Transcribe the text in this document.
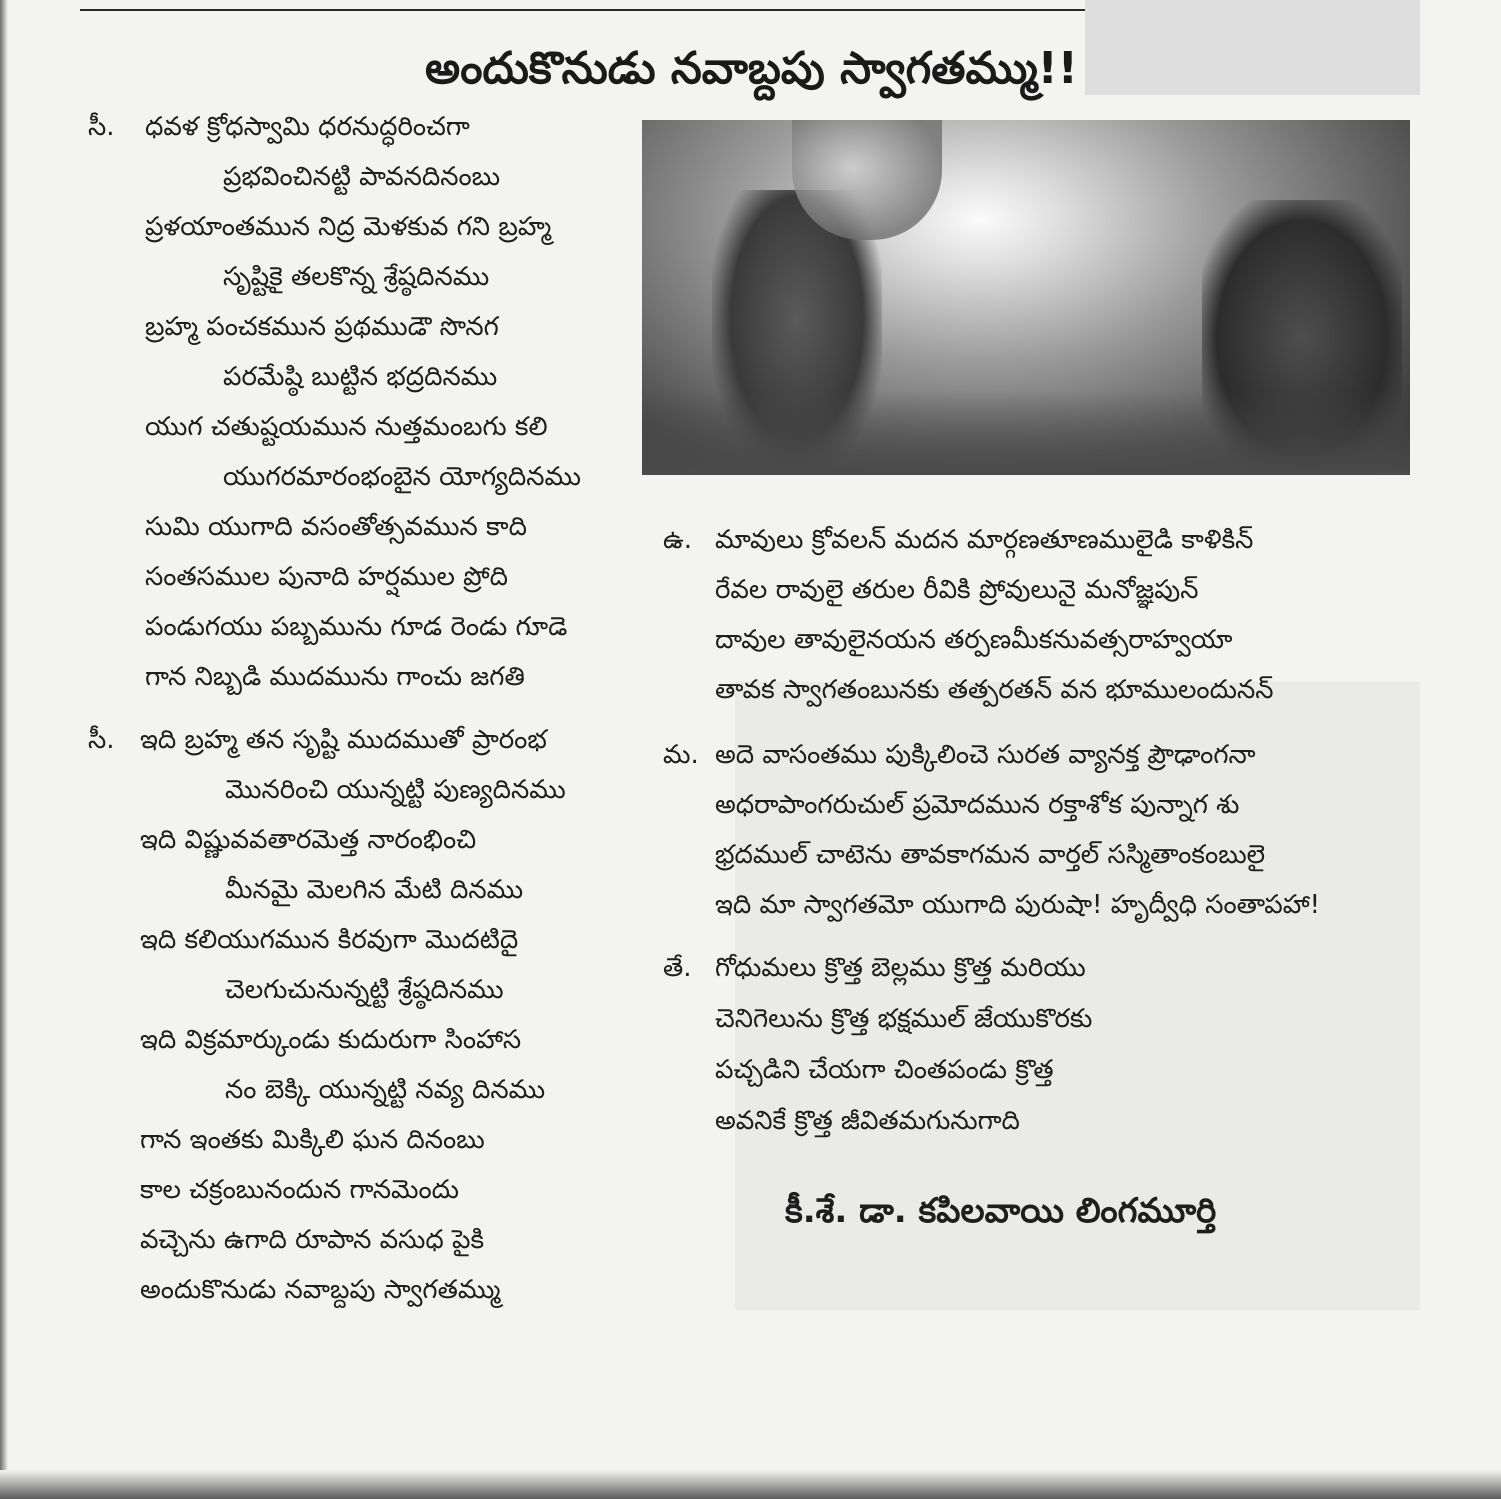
అందుకొనుడు నవాబ్దపు స్వాగతమ్ము!!
సీ. ధవళ క్రోధస్వామి ధరనుద్ధరించగా
ప్రభవించినట్టి పావనదినంబు
ప్రళయాంతమున నిద్ర మెళకువ గని బ్రహ్మ
సృష్టికై తలకొన్న శ్రేష్ఠదినము
బ్రహ్మ పంచకమున ప్రథముడౌ సొనగ
పరమేష్ఠి బుట్టిన భద్రదినము
యుగ చతుష్టయమున నుత్తమంబగు కలి
యుగరమారంభంబైన యోగ్యదినము
సుమి యుగాది వసంతోత్సవమున కాది
సంతసముల పునాది హర్షముల ప్రోది
పండుగయు పబ్బమును గూడ రెండు గూడె
గాన నిబ్బడి ముదమును గాంచు జగతి
సీ. ఇది బ్రహ్మ తన సృష్టి ముదముతో ప్రారంభ
మొనరించి యున్నట్టి పుణ్యదినము
ఇది విష్ణువవతారమెత్త నారంభించి
మీనమై మెలగిన మేటి దినము
ఇది కలియుగమున కిరవుగా మొదటిదై
చెలగుచునున్నట్టి శ్రేష్ఠదినము
ఇది విక్రమార్కుండు కుదురుగా సింహాస
నం బెక్కి యున్నట్టి నవ్య దినము
గాన ఇంతకు మిక్కిలి ఘన దినంబు
కాల చక్రంబునందున గానమెందు
వచ్చెను ఉగాది రూపాన వసుధ పైకి
అందుకొనుడు నవాబ్దపు స్వాగతమ్ము
ఉ. మావులు క్రోవలన్ మదన మార్గణతూణములైడి కాళికిన్
రేవల రావులై తరుల రీవికి ప్రోవులునై మనోజ్ఞపున్
దావుల తావులైనయన తర్పణమీకనువత్సరాహ్వయా
తావక స్వాగతంబునకు తత్పరతన్ వన భూములందునన్
మ. అదె వాసంతము పుక్కిలించె సురత వ్యానక్త ప్రౌఢాంగనా
అధరాపాంగరుచుల్ ప్రమోదమున రక్తాశోక పున్నాగ శు
భ్రదముల్ చాటెను తావకాగమన వార్తల్ సస్మితాంకంబులై
ఇది మా స్వాగతమో యుగాది పురుషా! హృద్వీధి సంతాపహా!
తే. గోధుమలు క్రొత్త బెల్లము క్రొత్త మరియు
చెనిగెలును క్రొత్త భక్షముల్ జేయుకొరకు
పచ్చడిని చేయగా చింతపండు క్రొత్త
అవనికే క్రొత్త జీవితమగునుగాది
కీ.శే. డా. కపిలవాయి లింగమూర్తి
